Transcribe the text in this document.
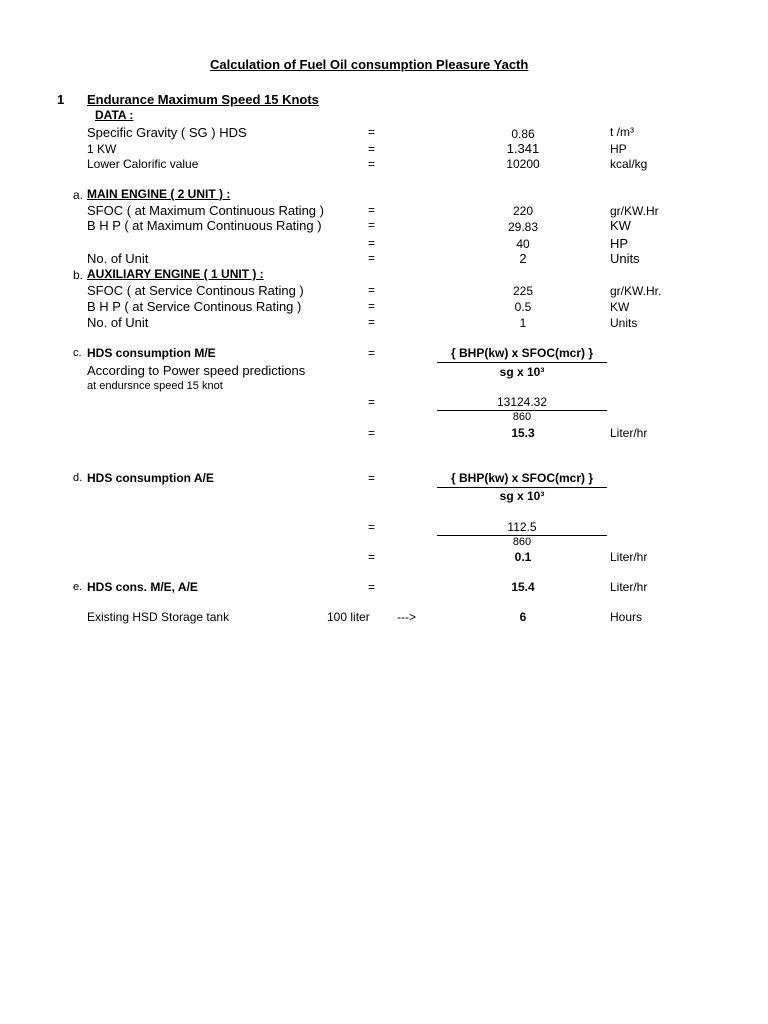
Calculation of Fuel Oil consumption Pleasure Yacth
1 Endurance Maximum Speed 15 Knots
DATA :
Specific Gravity ( SG ) HDS	=	0.86	t /m³
1 KW	=	1.341	HP
Lower Calorific value	=	10200	kcal/kg
a. MAIN ENGINE ( 2 UNIT ) :
SFOC ( at Maximum Continuous Rating )	=	220	gr/KW.Hr
B H P ( at Maximum Continuous Rating )	=	29.83	KW
=	40	HP
No. of Unit	=	2	Units
b. AUXILIARY ENGINE ( 1 UNIT ) :
SFOC ( at Service Continous Rating )	=	225	gr/KW.Hr.
B H P ( at Service Continous Rating )	=	0.5	KW
No. of Unit	=	1	Units
c. HDS consumption M/E	=	{ BHP(kw) x SFOC(mcr) }
sg x 10³
According to Power speed predictions
at endursnce speed 15 knot
=	13124.32
860
=	15.3	Liter/hr
d. HDS consumption A/E	=	{ BHP(kw) x SFOC(mcr) }
sg x 10³
=	112.5
860
=	0.1	Liter/hr
e. HDS cons. M/E, A/E	=	15.4	Liter/hr
Existing HSD Storage tank	100 liter --->	6	Hours
